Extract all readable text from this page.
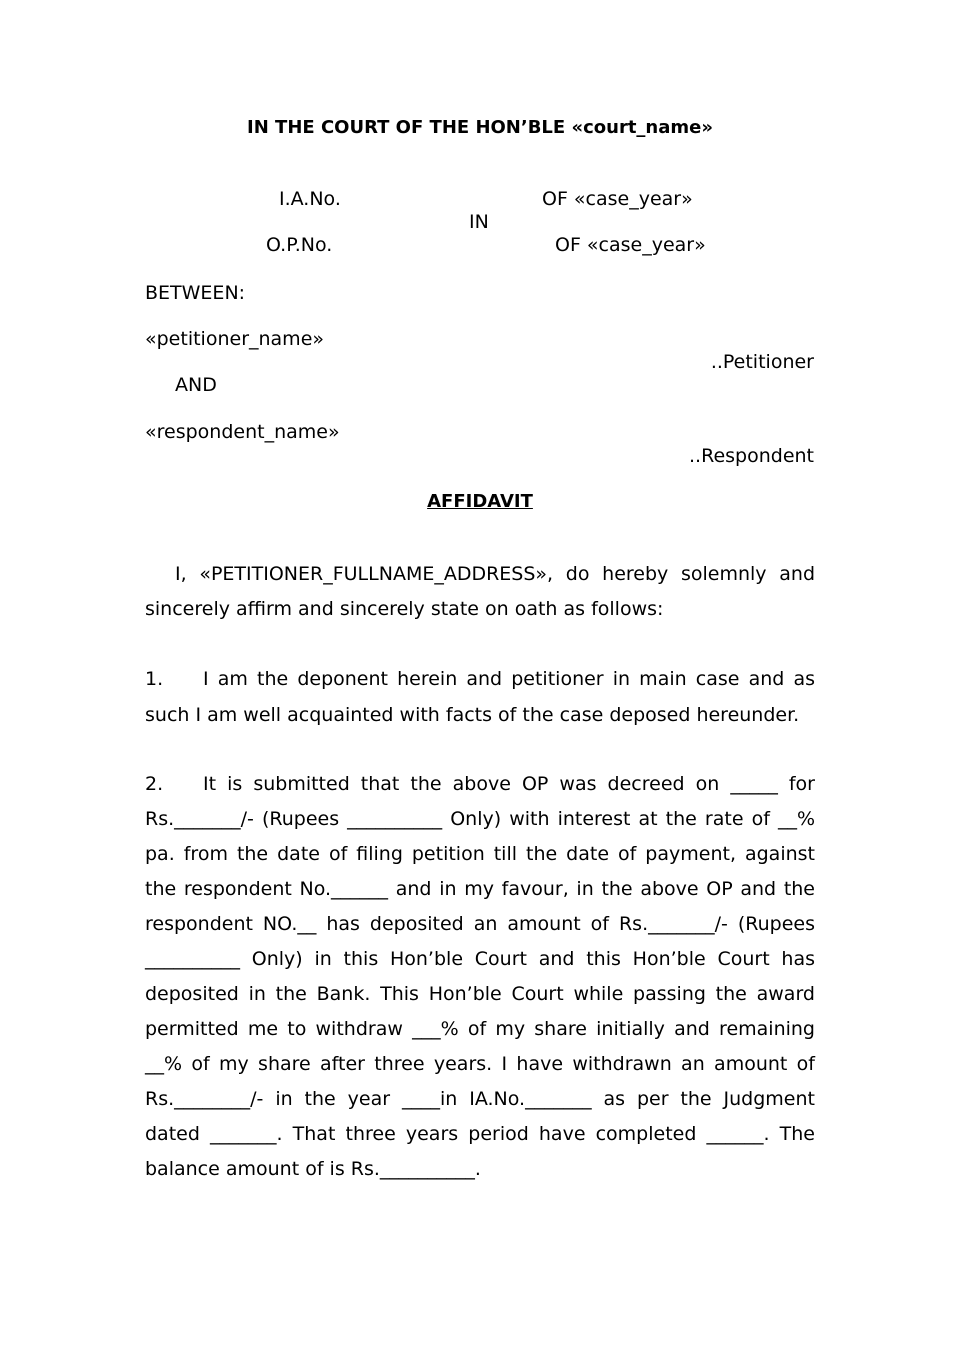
IN THE COURT OF THE HON’BLE «court_name»
I.A.No.	OF «case_year»
IN
O.P.No.	OF «case_year»
BETWEEN:
«petitioner_name»
..Petitioner
AND
«respondent_name»
..Respondent
AFFIDAVIT
I, «PETITIONER_FULLNAME_ADDRESS», do hereby solemnly and sincerely affirm and sincerely state on oath as follows:
1. I am the deponent herein and petitioner in main case and as such I am well acquainted with facts of the case deposed hereunder.
2. It is submitted that the above OP was decreed on _____ for Rs._______/- (Rupees __________ Only) with interest at the rate of __% pa. from the date of filing petition till the date of payment, against the respondent No.______ and in my favour, in the above OP and the respondent NO.__ has deposited an amount of Rs._______/- (Rupees __________ Only) in this Hon’ble Court and this Hon’ble Court has deposited in the Bank. This Hon’ble Court while passing the award permitted me to withdraw ___% of my share initially and remaining __% of my share after three years. I have withdrawn an amount of Rs.________/- in the year ____in IA.No._______ as per the Judgment dated _______. That three years period have completed ______. The balance amount of is Rs.__________.
